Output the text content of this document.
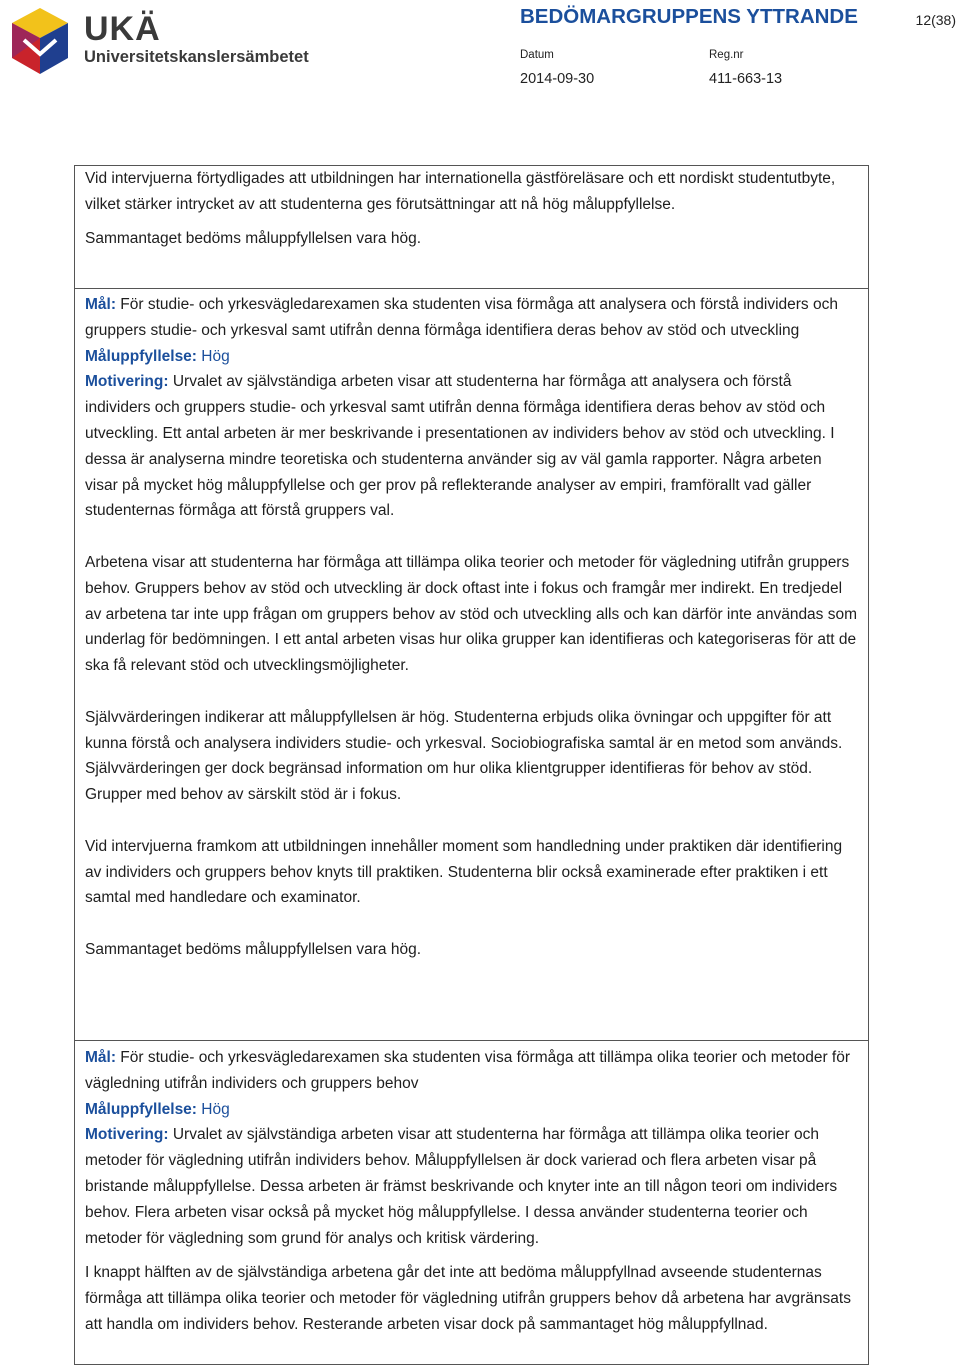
UKÄ
Universitetskanslersämbetet
BEDÖMARGRUPPENS YTTRANDE	12(38)
Datum	Reg.nr
2014-09-30	411-663-13

Vid intervjuerna förtydligades att utbildningen har internationella gästföreläsare och ett nordiskt studentutbyte, vilket stärker intrycket av att studenterna ges förutsättningar att nå hög måluppfyllelse.

Sammantaget bedöms måluppfyllelsen vara hög.

Mål: För studie- och yrkesvägledarexamen ska studenten visa förmåga att analysera och förstå individers och gruppers studie- och yrkesval samt utifrån denna förmåga identifiera deras behov av stöd och utveckling

Måluppfyllelse: Hög

Motivering: Urvalet av självständiga arbeten visar att studenterna har förmåga att analysera och förstå individers och gruppers studie- och yrkesval samt utifrån denna förmåga identifiera deras behov av stöd och utveckling. Ett antal arbeten är mer beskrivande i presentationen av individers behov av stöd och utveckling. I dessa är analyserna mindre teoretiska och studenterna använder sig av väl gamla rapporter. Några arbeten visar på mycket hög måluppfyllelse och ger prov på reflekterande analyser av empiri, framförallt vad gäller studenternas förmåga att förstå gruppers val.

Arbetena visar att studenterna har förmåga att tillämpa olika teorier och metoder för vägledning utifrån gruppers behov. Gruppers behov av stöd och utveckling är dock oftast inte i fokus och framgår mer indirekt. En tredjedel av arbetena tar inte upp frågan om gruppers behov av stöd och utveckling alls och kan därför inte användas som underlag för bedömningen. I ett antal arbeten visas hur olika grupper kan identifieras och kategoriseras för att de ska få relevant stöd och utvecklingsmöjligheter.

Självvärderingen indikerar att måluppfyllelsen är hög. Studenterna erbjuds olika övningar och uppgifter för att kunna förstå och analysera individers studie- och yrkesval. Sociobiografiska samtal är en metod som används. Självvärderingen ger dock begränsad information om hur olika klientgrupper identifieras för behov av stöd. Grupper med behov av särskilt stöd är i fokus.

Vid intervjuerna framkom att utbildningen innehåller moment som handledning under praktiken där identifiering av individers och gruppers behov knyts till praktiken. Studenterna blir också examinerade efter praktiken i ett samtal med handledare och examinator.

Sammantaget bedöms måluppfyllelsen vara hög.

Mål: För studie- och yrkesvägledarexamen ska studenten visa förmåga att tillämpa olika teorier och metoder för vägledning utifrån individers och gruppers behov

Måluppfyllelse: Hög

Motivering: Urvalet av självständiga arbeten visar att studenterna har förmåga att tillämpa olika teorier och metoder för vägledning utifrån individers behov. Måluppfyllelsen är dock varierad och flera arbeten visar på bristande måluppfyllelse. Dessa arbeten är främst beskrivande och knyter inte an till någon teori om individers behov. Flera arbeten visar också på mycket hög måluppfyllelse. I dessa använder studenterna teorier och metoder för vägledning som grund för analys och kritisk värdering.

I knappt hälften av de självständiga arbetena går det inte att bedöma måluppfyllnad avseende studenternas förmåga att tillämpa olika teorier och metoder för vägledning utifrån gruppers behov då arbetena har avgränsats att handla om individers behov. Resterande arbeten visar dock på sammantaget hög måluppfyllnad.
